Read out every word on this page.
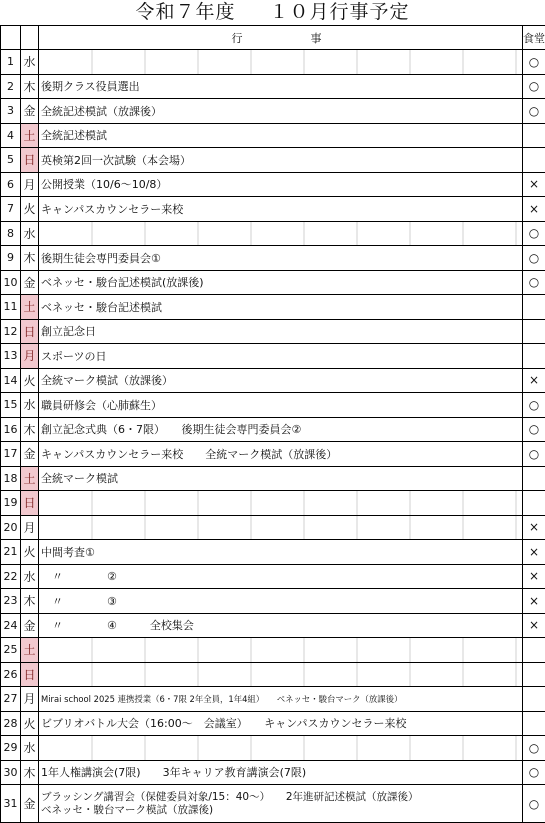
令和７年度 １０月行事予定
		行 事	食堂
1	水		○
2	木	後期クラス役員選出	○
3	金	全統記述模試（放課後）	○
4	土	全統記述模試	
5	日	英検第2回一次試験（本会場）	
6	月	公開授業（10/6～10/8）	×
7	火	キャンパスカウンセラー来校	×
8	水		○
9	木	後期生徒会専門委員会①	○
10	金	ベネッセ・駿台記述模試(放課後)	○
11	土	ベネッセ・駿台記述模試	
12	日	創立記念日	
13	月	スポーツの日	
14	火	全統マーク模試（放課後）	×
15	水	職員研修会（心肺蘇生）	○
16	木	創立記念式典（6・7限）　　後期生徒会専門委員会②	○
17	金	キャンパスカウンセラー来校　　全統マーク模試（放課後）	○
18	土	全統マーク模試	
19	日		
20	月		×
21	火	中間考査①	×
22	水	　〃　　　　②	×
23	木	　〃　　　　③	×
24	金	　〃　　　　④　　　全校集会	×
25	土		
26	日		
27	月	Mirai school 2025 連携授業（6・7限 2年全員，1年4組）　　ベネッセ・駿台マーク（放課後）	
28	火	ビブリオバトル大会（16:00～　会議室）　　キャンパスカウンセラー来校	
29	水		○
30	木	1年人権講演会(7限)　　3年キャリア教育講演会(7限)	○
31	金	ブラッシング講習会（保健委員対象/15：40～）　　2年進研記述模試（放課後）
ベネッセ・駿台マーク模試（放課後)	○
